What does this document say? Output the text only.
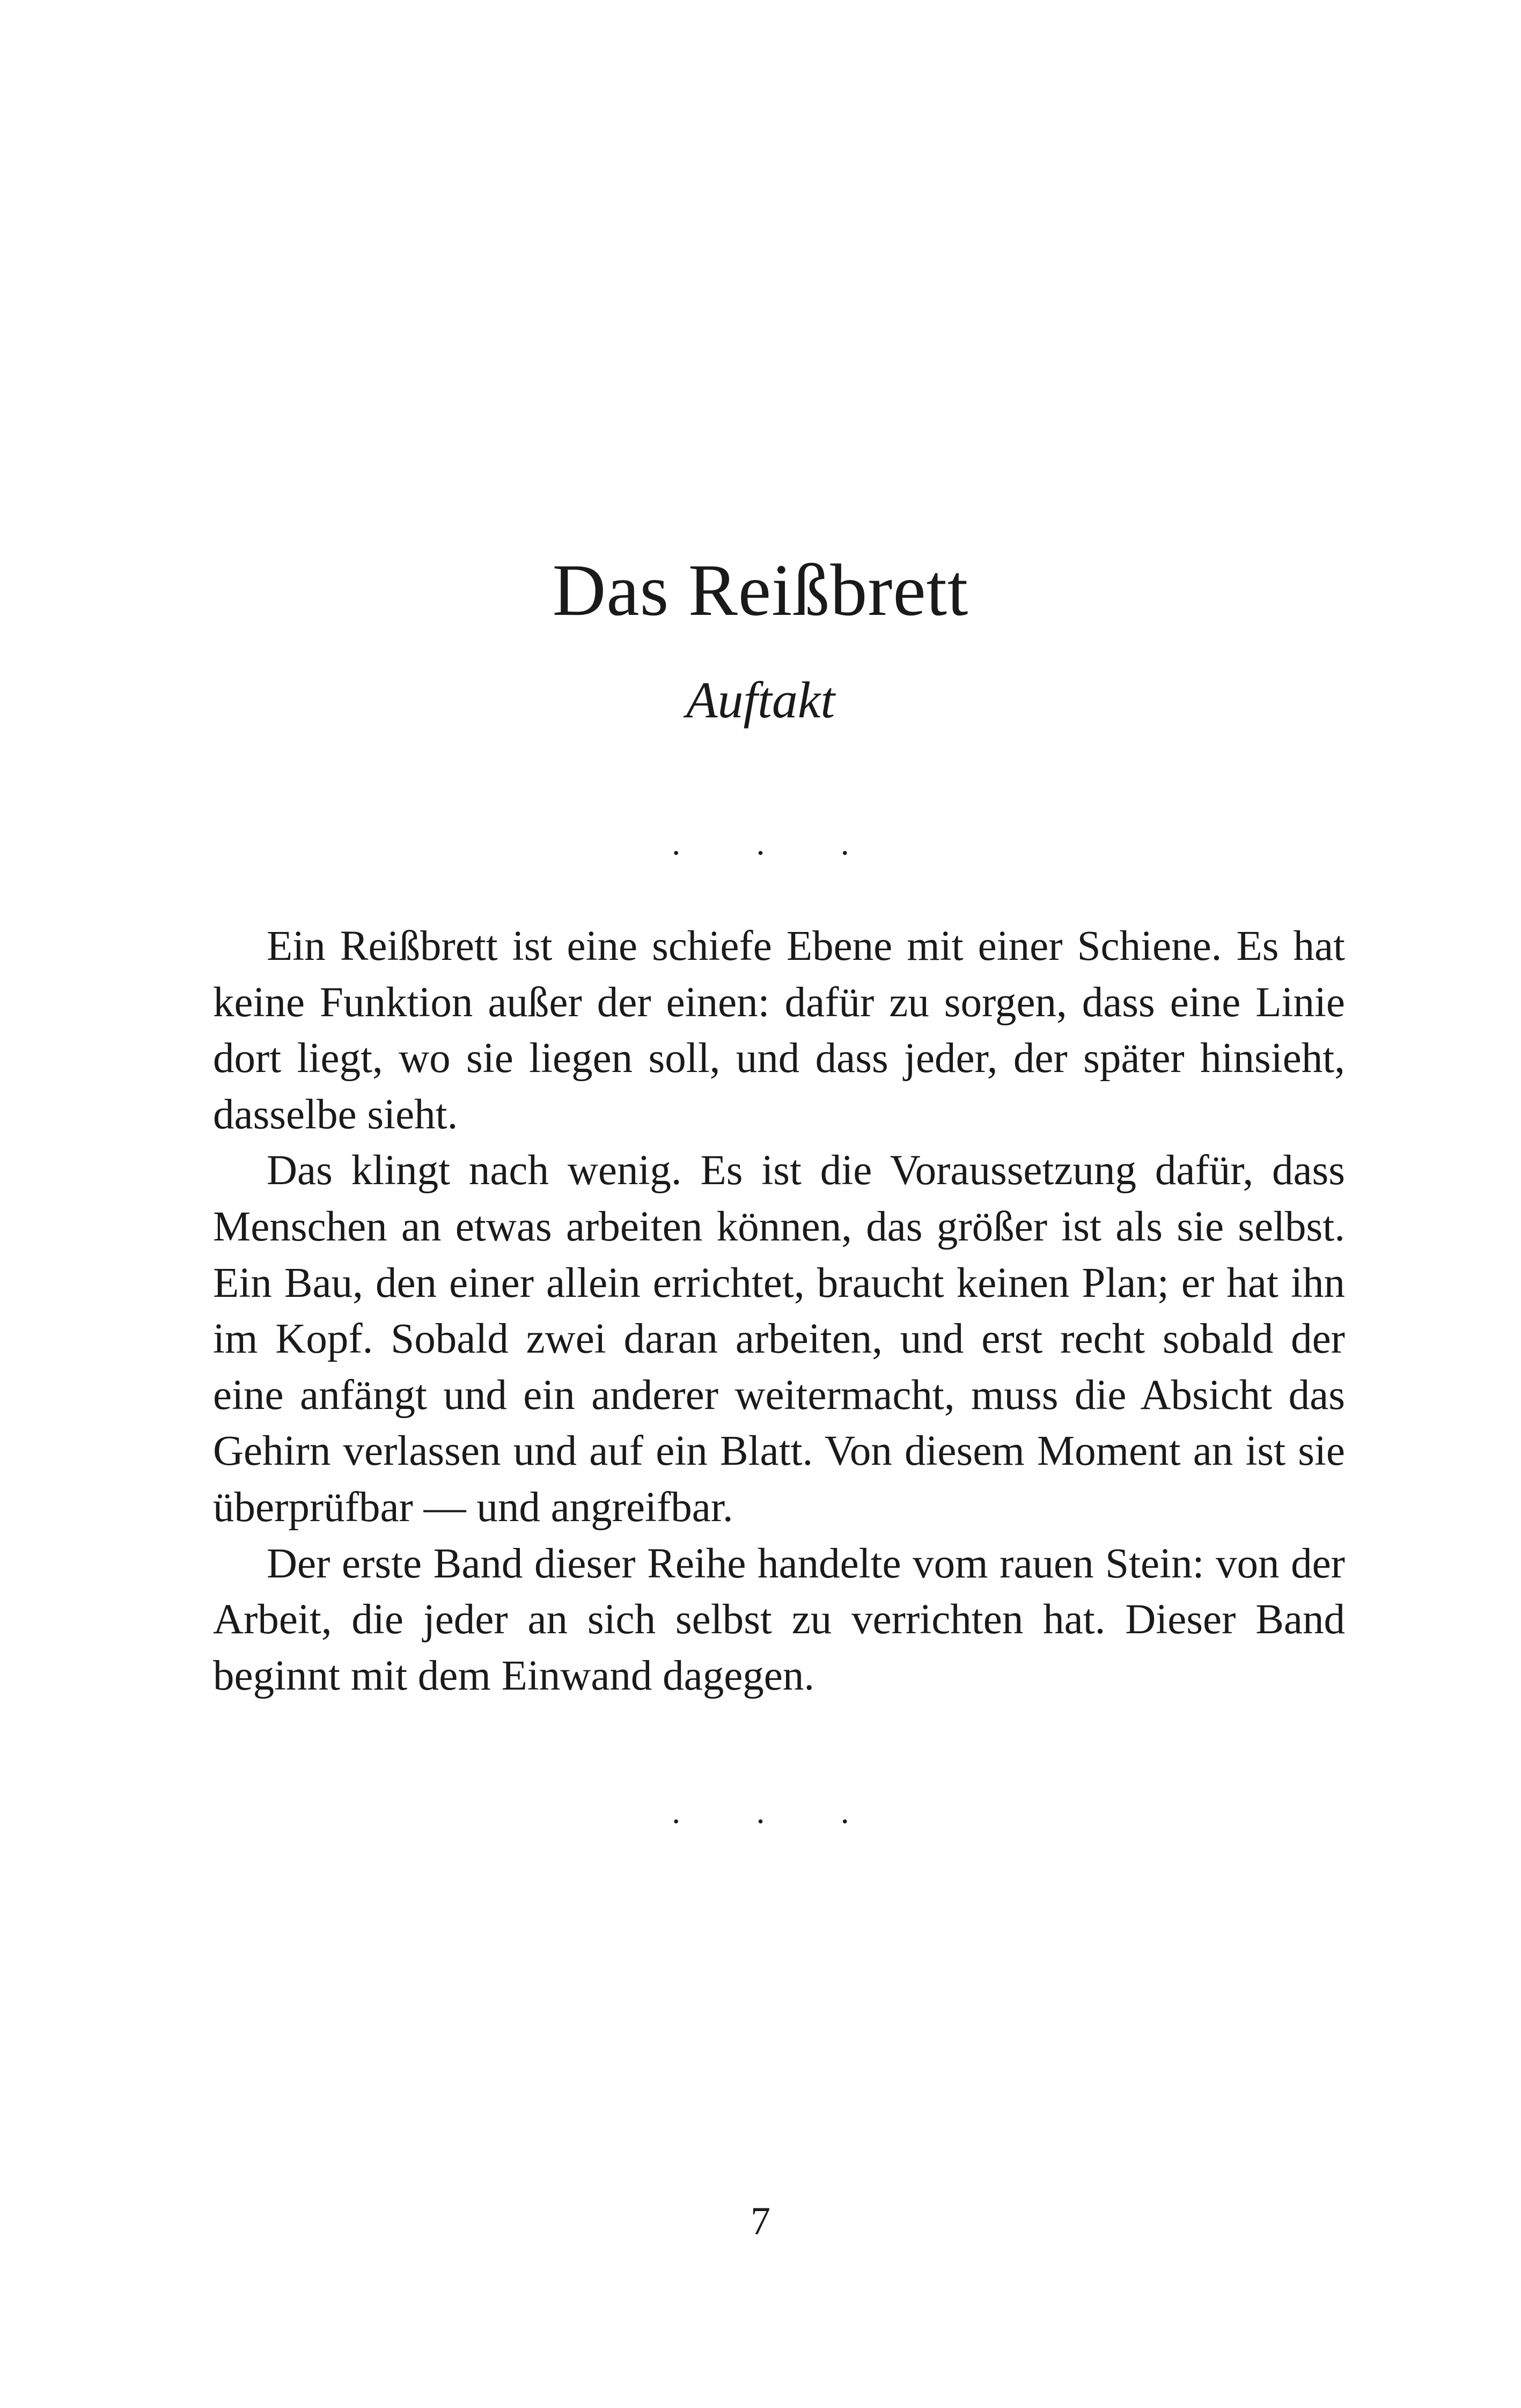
Das Reißbrett
Auftakt
· · ·

Ein Reißbrett ist eine schiefe Ebene mit einer Schiene. Es hat keine Funktion außer der einen: dafür zu sorgen, dass eine Linie dort liegt, wo sie liegen soll, und dass jeder, der später hinsieht, dasselbe sieht.

Das klingt nach wenig. Es ist die Voraussetzung dafür, dass Menschen an etwas arbeiten können, das größer ist als sie selbst. Ein Bau, den einer allein errichtet, braucht keinen Plan; er hat ihn im Kopf. Sobald zwei daran arbeiten, und erst recht sobald der eine anfängt und ein anderer weitermacht, muss die Absicht das Gehirn verlassen und auf ein Blatt. Von diesem Moment an ist sie überprüfbar — und angreifbar.

Der erste Band dieser Reihe handelte vom rauen Stein: von der Arbeit, die jeder an sich selbst zu verrichten hat. Dieser Band beginnt mit dem Einwand dagegen.

· · ·
7
